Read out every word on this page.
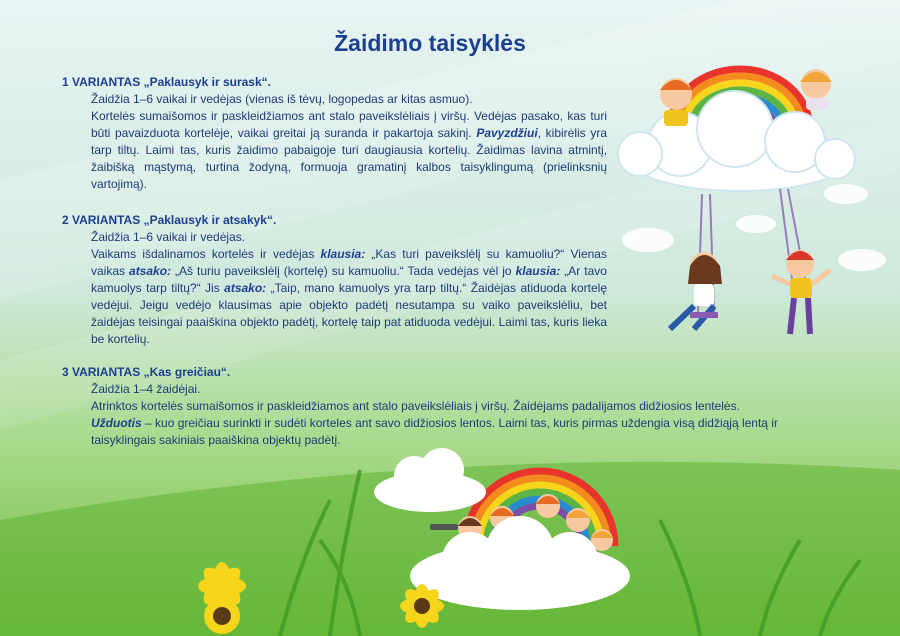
Žaidimo taisyklės
1 VARIANTAS „Paklausyk ir surask“.

Žaidžia 1–6 vaikai ir vedėjas (vienas iš tėvų, logopedas ar kitas asmuo).

Kortelės sumaišomos ir paskleidžiamos ant stalo paveikslėliais į viršų. Vedėjas pasako, kas turi būti pavaizduota kortelėje, vaikai greitai ją suranda ir pakartoja sakinį. Pavyzdžiui, kibirėlis yra tarp tiltų. Laimi tas, kuris žaidimo pabaigoje turi daugiausia kortelių. Žaidimas lavina atmintį, žaibišką mąstymą, turtina žodyną, formuoja gramatinį kalbos taisyklingumą (prielinksnių vartojimą).

2 VARIANTAS „Paklausyk ir atsakyk“.

Žaidžia 1–6 vaikai ir vedėjas.

Vaikams išdalinamos kortelės ir vedėjas klausia: „Kas turi paveikslėlį su kamuoliu?“ Vienas vaikas atsako: „Aš turiu paveikslėlį (kortelę) su kamuoliu.“ Tada vedėjas vėl jo klausia: „Ar tavo kamuolys tarp tiltų?“ Jis atsako: „Taip, mano kamuolys yra tarp tiltų.“ Žaidėjas atiduoda kortelę vedėjui. Jeigu vedėjo klausimas apie objekto padėtį nesutampa su vaiko paveikslėliu, bet žaidėjas teisingai paaiškina objekto padėtį, kortelę taip pat atiduoda vedėjui. Laimi tas, kuris lieka be kortelių.

3 VARIANTAS „Kas greičiau“.

Žaidžia 1–4 žaidėjai.

Atrinktos kortelės sumaišomos ir paskleidžiamos ant stalo paveikslėliais į viršų. Žaidėjams padalijamos didžiosios lentelės.

Užduotis – kuo greičiau surinkti ir sudėti korteles ant savo didžiosios lentos. Laimi tas, kuris pirmas uždengia visą didžiąją lentą ir taisyklingais sakiniais paaiškina objektų padėtį.
